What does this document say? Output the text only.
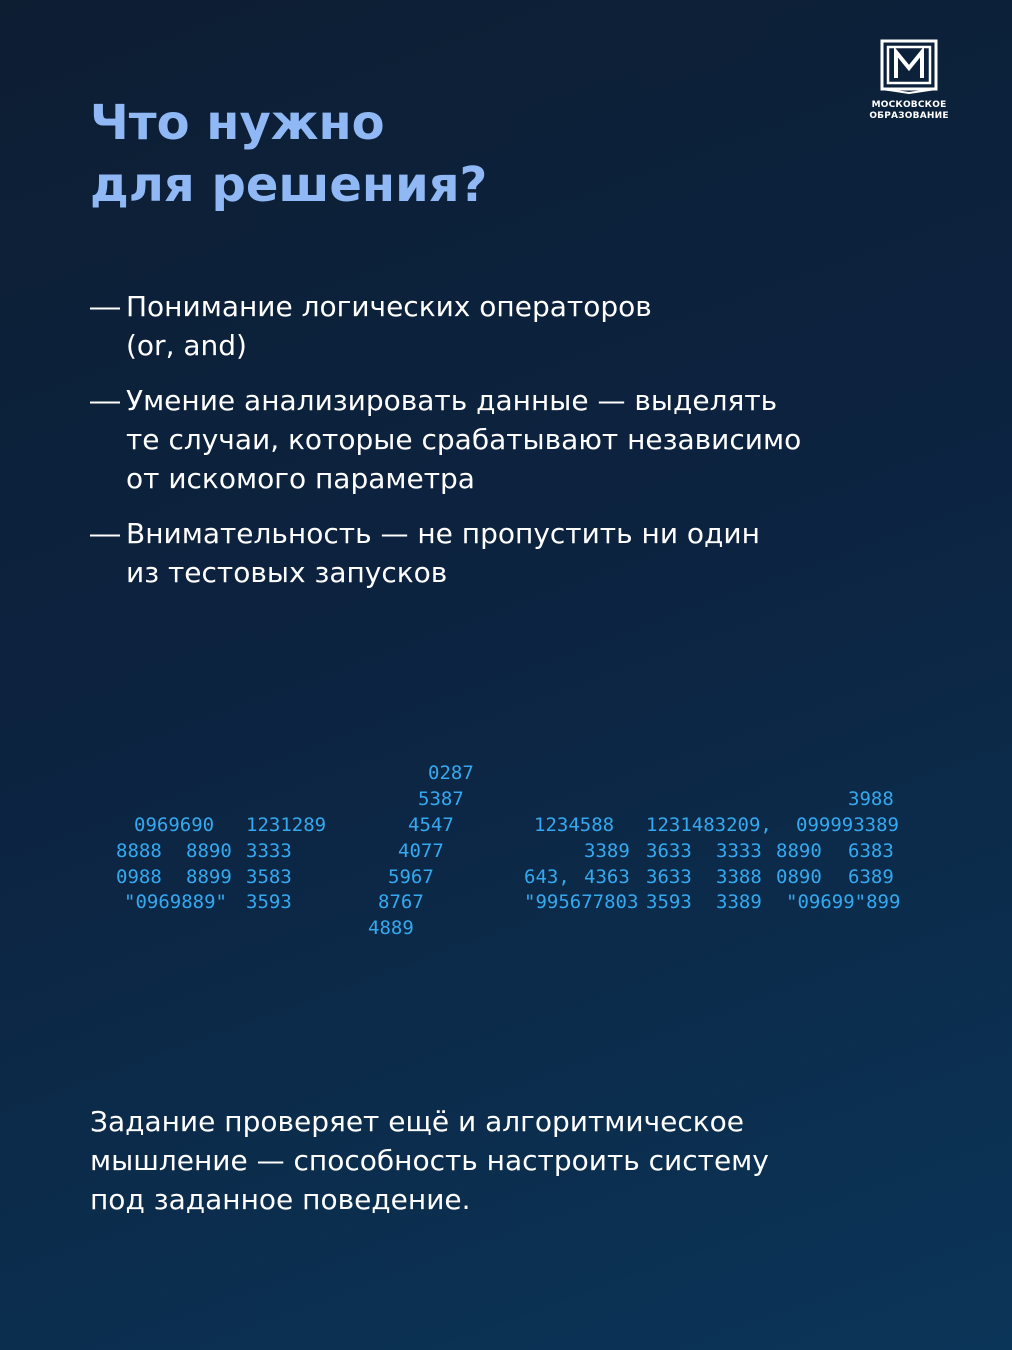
МОСКОВСКОЕ
ОБРАЗОВАНИЕ
Что нужно
для решения?
— Понимание логических операторов
(or, and)
— Умение анализировать данные — выделять
те случаи, которые срабатывают независимо
от искомого параметра
— Внимательность — не пропустить ни один
из тестовых запусков
0287
5387
4547
4077
5967
8767
4889
0969690
8888 8890
0988 8899
"0969889"
1231289
3333
3583
3593
1234588
3389
643, 4363
"995677803
1231483209,
3633 3333
3633 3388
3593 3389
3988
099993389
8890 6383
0890 6389
"09699"899
Задание проверяет ещё и алгоритмическое
мышление — способность настроить систему
под заданное поведение.
